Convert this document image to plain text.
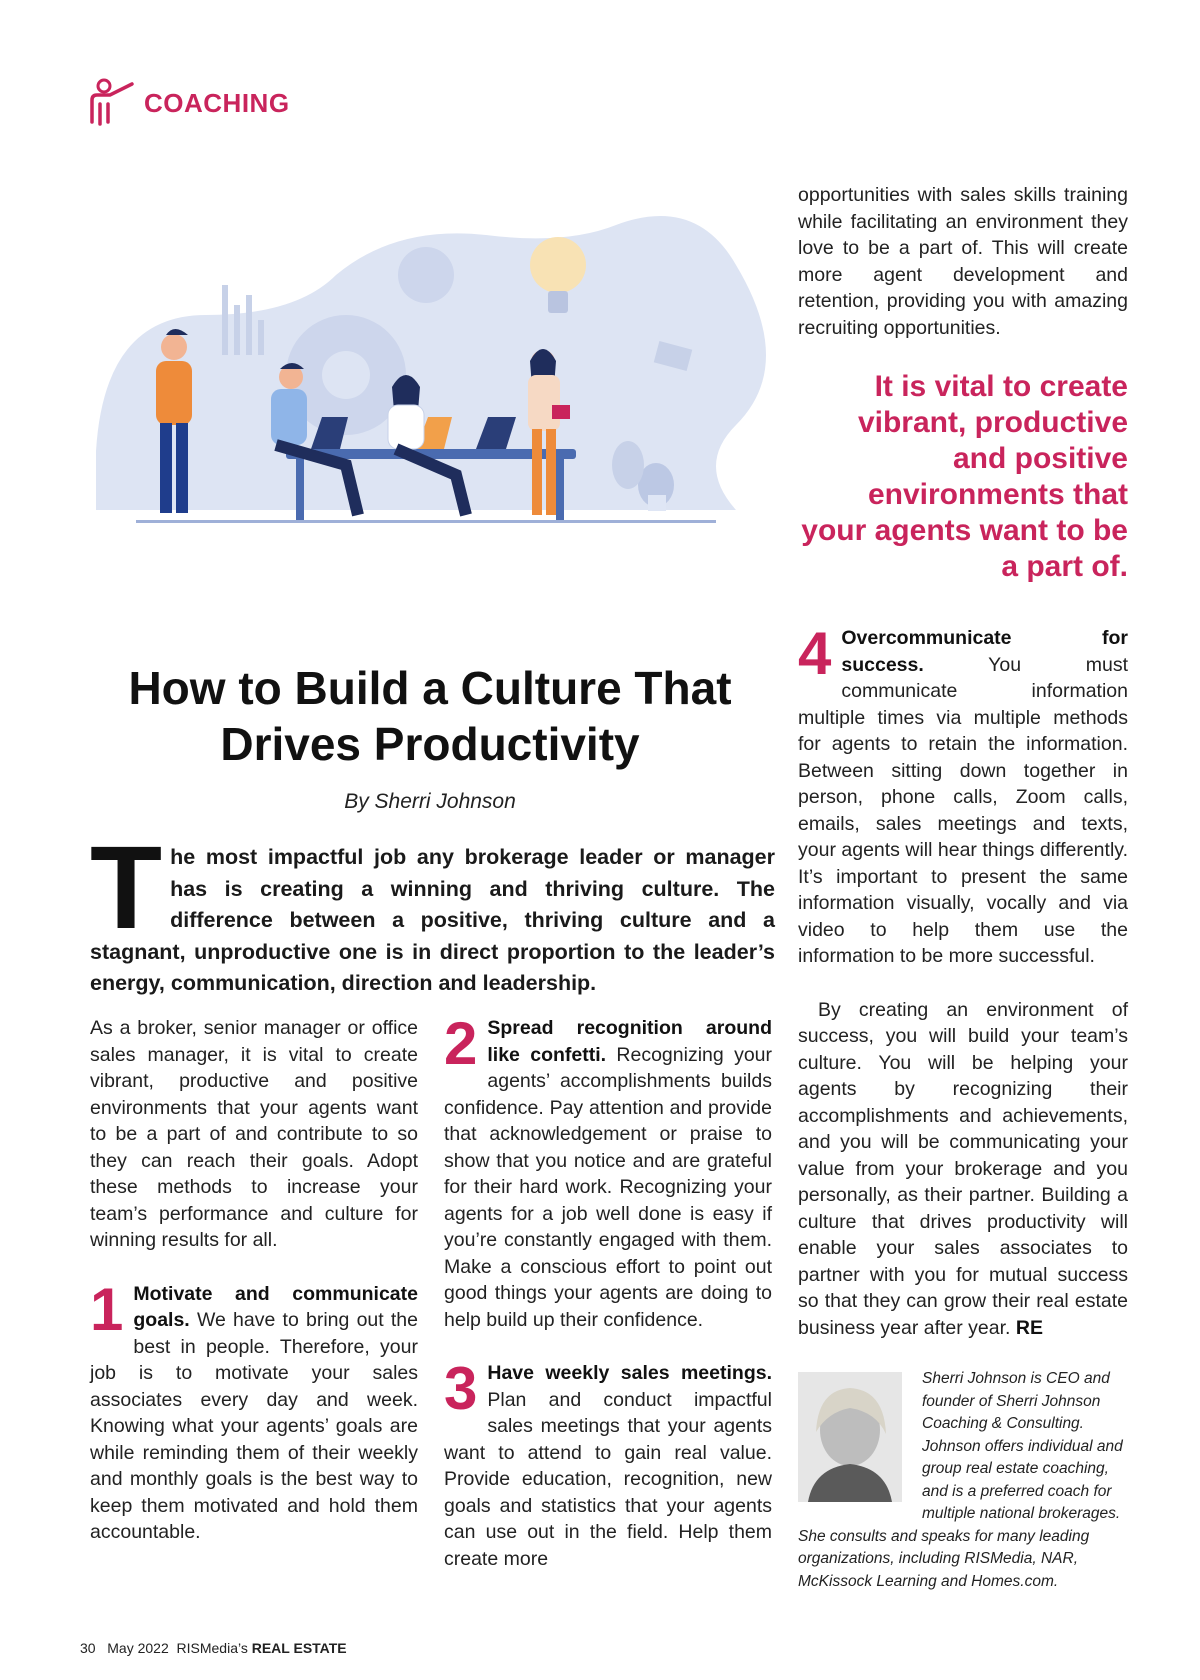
COACHING
How to Build a Culture That
Drives Productivity
By Sherri Johnson
The most impactful job any brokerage leader or manager has is creating a winning and thriving culture. The difference between a positive, thriving culture and a stagnant, unproductive one is in direct proportion to the leader’s energy, communication, direction and leadership.

As a broker, senior manager or office sales manager, it is vital to create vibrant, productive and positive environments that your agents want to be a part of and contribute to so they can reach their goals. Adopt these methods to increase your team’s performance and culture for winning results for all.

1 Motivate and communicate goals. We have to bring out the best in people. Therefore, your job is to motivate your sales associates every day and week. Knowing what your agents’ goals are while reminding them of their weekly and monthly goals is the best way to keep them motivated and hold them accountable.

2 Spread recognition around like confetti. Recognizing your agents’ accomplishments builds confidence. Pay attention and provide that acknowledgement or praise to show that you notice and are grateful for their hard work. Recognizing your agents for a job well done is easy if you’re constantly engaged with them. Make a conscious effort to point out good things your agents are doing to help build up their confidence.

3 Have weekly sales meetings. Plan and conduct impactful sales meetings that your agents want to attend to gain real value. Provide education, recognition, new goals and statistics that your agents can use out in the field. Help them create more

opportunities with sales skills training while facilitating an environment they love to be a part of. This will create more agent development and retention, providing you with amazing recruiting opportunities.

It is vital to create vibrant, productive and positive environments that your agents want to be a part of.

4 Overcommunicate for success. You must communicate information multiple times via multiple methods for agents to retain the information. Between sitting down together in person, phone calls, Zoom calls, emails, sales meetings and texts, your agents will hear things differently. It’s important to present the same information visually, vocally and via video to help them use the information to be more successful.

By creating an environment of success, you will build your team’s culture. You will be helping your agents by recognizing their accomplishments and achievements, and you will be communicating your value from your brokerage and you personally, as their partner. Building a culture that drives productivity will enable your sales associates to partner with you for mutual success so that they can grow their real estate business year after year. RE

Sherri Johnson is CEO and founder of Sherri Johnson Coaching & Consulting. Johnson offers individual and group real estate coaching, and is a preferred coach for multiple national brokerages. She consults and speaks for many leading organizations, including RISMedia, NAR, McKissock Learning and Homes.com.
30 May 2022 RISMedia’s REAL ESTATE
